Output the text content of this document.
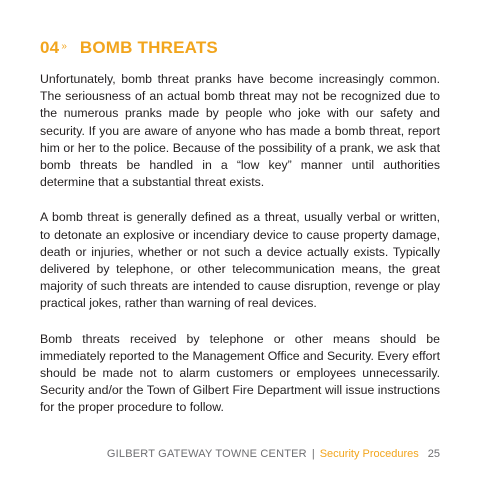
04 » BOMB THREATS

Unfortunately, bomb threat pranks have become increasingly common. The seriousness of an actual bomb threat may not be recognized due to the numerous pranks made by people who joke with our safety and security. If you are aware of anyone who has made a bomb threat, report him or her to the police. Because of the possibility of a prank, we ask that bomb threats be handled in a “low key” manner until authorities determine that a substantial threat exists.

A bomb threat is generally defined as a threat, usually verbal or written, to detonate an explosive or incendiary device to cause property damage, death or injuries, whether or not such a device actually exists. Typically delivered by telephone, or other telecommunication means, the great majority of such threats are intended to cause disruption, revenge or play practical jokes, rather than warning of real devices.

Bomb threats received by telephone or other means should be immediately reported to the Management Office and Security. Every effort should be made not to alarm customers or employees unnecessarily. Security and/or the Town of Gilbert Fire Department will issue instructions for the proper procedure to follow.

GILBERT GATEWAY TOWNE CENTER | Security Procedures 25
